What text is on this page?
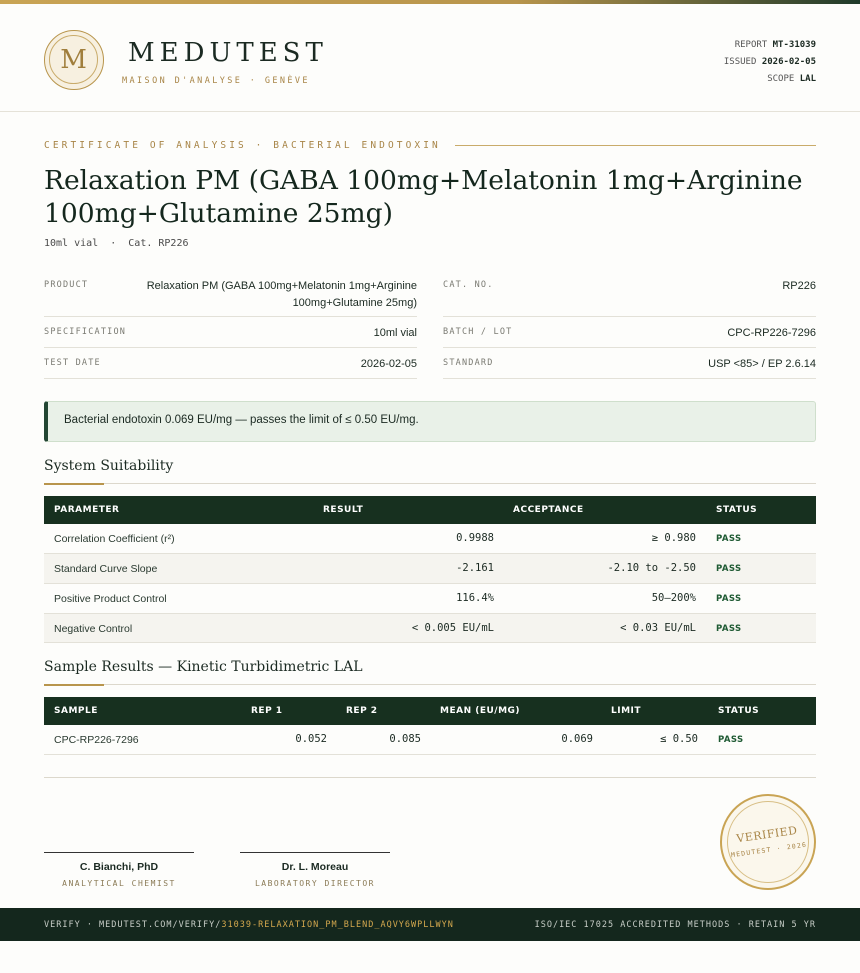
M	MEDUTEST
MAISON D'ANALYSE · GENÈVE
REPORT MT-31039
ISSUED 2026-02-05
SCOPE LAL
CERTIFICATE OF ANALYSIS · BACTERIAL ENDOTOXIN
Relaxation PM (GABA 100mg+Melatonin 1mg+Arginine 100mg+Glutamine 25mg)
10ml vial  ·  Cat. RP226
PRODUCT	Relaxation PM (GABA 100mg+Melatonin 1mg+Arginine 100mg+Glutamine 25mg)
SPECIFICATION	10ml vial
TEST DATE	2026-02-05
CAT. NO.	RP226
BATCH / LOT	CPC-RP226-7296
STANDARD	USP <85> / EP 2.6.14
Bacterial endotoxin 0.069 EU/mg — passes the limit of ≤ 0.50 EU/mg.
System Suitability
PARAMETER	RESULT	ACCEPTANCE	STATUS
Correlation Coefficient (r²)	0.9988	≥ 0.980 PASS
Standard Curve Slope	-2.161	-2.10 to -2.50 PASS
Positive Product Control	116.4%	50–200% PASS
Negative Control	< 0.005 EU/mL	< 0.03 EU/mL PASS
Sample Results — Kinetic Turbidimetric LAL
SAMPLE	REP 1	REP 2	MEAN (EU/MG)	LIMIT	STATUS
CPC-RP226-7296	0.052	0.085	0.069	≤ 0.50 PASS
C. Bianchi, PhD
ANALYTICAL CHEMIST
Dr. L. Moreau
LABORATORY DIRECTOR
VERIFIED
MEDUTEST · 2026
VERIFY · MEDUTEST.COM/VERIFY/31039-RELAXATION_PM_BLEND_AQVY6WPLLWYN	ISO/IEC 17025 ACCREDITED METHODS · RETAIN 5 YR
